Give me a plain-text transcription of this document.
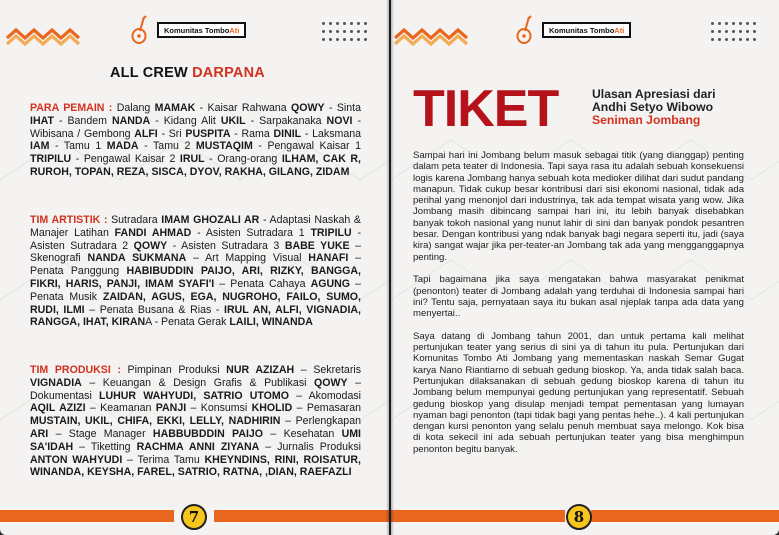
Komunitas Tombo Ati
ALL CREW DARPANA
PARA PEMAIN : Dalang MAMAK - Kaisar Rahwana QOWY - Sinta IHAT - Bandem NANDA - Kidang Alit UKIL - Sarpakanaka NOVI - Wibisana / Gembong ALFI - Sri PUSPITA - Rama DINIL - Laksmana IAM - Tamu 1 MADA - Tamu 2 MUSTAQIM - Pengawal Kaisar 1 TRIPILU - Pengawal Kaisar 2 IRUL - Orang-orang ILHAM, CAK R, RUROH, TOPAN, REZA, SISCA, DYOV, RAKHA, GILANG, ZIDAM
TIM ARTISTIK : Sutradara IMAM GHOZALI AR - Adaptasi Naskah & Manajer Latihan FANDI AHMAD - Asisten Sutradara 1 TRIPILU - Asisten Sutradara 2 QOWY - Asisten Sutradara 3 BABE YUKE – Skenografi NANDA SUKMANA – Art Mapping Visual HANAFI – Penata Panggung HABIBUDDIN PAIJO, ARI, RIZKY, BANGGA, FIKRI, HARIS, PANJI, IMAM SYAFI'I – Penata Cahaya AGUNG – Penata Musik ZAIDAN, AGUS, EGA, NUGROHO, FAILO, SUMO, RUDI, ILMI – Penata Busana & Rias - IRUL AN, ALFI, VIGNADIA, RANGGA, IHAT, KIRANA - Penata Gerak LAILI, WINANDA
TIM PRODUKSI : Pimpinan Produksi NUR AZIZAH – Sekretaris VIGNADIA – Keuangan & Design Grafis & Publikasi QOWY – Dokumentasi LUHUR WAHYUDI, SATRIO UTOMO – Akomodasi AQIL AZIZI – Keamanan PANJI – Konsumsi KHOLID – Pemasaran MUSTAIN, UKIL, CHIFA, EKKI, LELLY, NADHIRIN – Perlengkapan ARI – Stage Manager HABBUBDDIN PAIJO – Kesehatan UMI SA'IDAH – Tiketting RACHMA ANNI ZIYANA – Jurnalis Produksi ANTON WAHYUDI – Terima Tamu KHEYNDINS, RINI, ROISATUR, WINANDA, KEYSHA, FAREL, SATRIO, RATNA, ,DIAN, RAEFAZLI
7
Komunitas Tombo Ati
TIKET	Ulasan Apresiasi dari
Andhi Setyo Wibowo
Seniman Jombang

Sampai hari ini Jombang belum masuk sebagai titik (yang dianggap) penting dalam peta teater di Indonesia. Tapi saya rasa itu adalah sebuah konsekuensi logis karena Jombang hanya sebuah kota medioker dilihat dari sudut pandang manapun. Tidak cukup besar kontribusi dari sisi ekonomi nasional, tidak ada perihal yang menonjol dari industrinya, tak ada tempat wisata yang wow. Jika Jombang masih dibincang sampai hari ini, itu lebih banyak disebabkan banyak tokoh nasional yang nunut lahir di sini dan banyak pondok pesantren besar. Dengan kontribusi yang ndak banyak bagi negara seperti itu, jadi (saya kira) sangat wajar jika per-teater-an Jombang tak ada yang mengganggapnya penting.

Tapi bagaimana jika saya mengatakan bahwa masyarakat penikmat (penonton) teater di Jombang adalah yang terduhai di Indonesia sampai hari ini? Tentu saja, pernyataan saya itu bukan asal njeplak tanpa ada data yang menyertai..

Saya datang di Jombang tahun 2001, dan untuk pertama kali melihat pertunjukan teater yang serius di sini ya di tahun itu pula. Pertunjukan dari Komunitas Tombo Ati Jombang yang mementaskan naskah Semar Gugat karya Nano Riantiarno di sebuah gedung bioskop. Ya, anda tidak salah baca. Pertunjukan dilaksanakan di sebuah gedung bioskop karena di tahun itu Jombang belum mempunyai gedung pertunjukan yang representatif. Sebuah gedung bioskop yang disulap menjadi tempat pementasan yang lumayan nyaman bagi penonton (tapi tidak bagi yang pentas hehe..). 4 kali pertunjukan dengan kursi penonton yang selalu penuh membuat saya melongo. Kok bisa di kota sekecil ini ada sebuah pertunjukan teater yang bisa menghimpun penonton begitu banyak.

8
